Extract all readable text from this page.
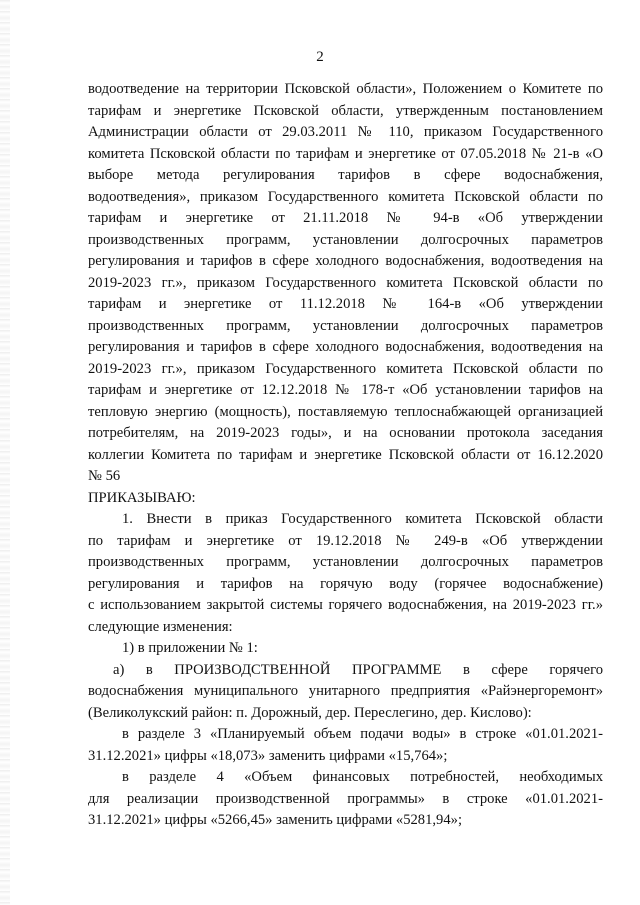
2
водоотведение на территории Псковской области», Положением о Комитете по
тарифам и энергетике Псковской области, утвержденным постановлением
Администрации области от 29.03.2011 № 110, приказом Государственного
комитета Псковской области по тарифам и энергетике от 07.05.2018 № 21-в «О
выборе метода регулирования тарифов в сфере водоснабжения,
водоотведения», приказом Государственного комитета Псковской области по
тарифам и энергетике от 21.11.2018 № 94-в «Об утверждении
производственных программ, установлении долгосрочных параметров
регулирования и тарифов в сфере холодного водоснабжения, водоотведения на
2019-2023 гг.», приказом Государственного комитета Псковской области по
тарифам и энергетике от 11.12.2018 № 164-в «Об утверждении
производственных программ, установлении долгосрочных параметров
регулирования и тарифов в сфере холодного водоснабжения, водоотведения на
2019-2023 гг.», приказом Государственного комитета Псковской области по
тарифам и энергетике от 12.12.2018 № 178-т «Об установлении тарифов на
тепловую энергию (мощность), поставляемую теплоснабжающей организацией
потребителям, на 2019-2023 годы», и на основании протокола заседания
коллегии Комитета по тарифам и энергетике Псковской области от 16.12.2020
№ 56
ПРИКАЗЫВАЮ:
1. Внести в приказ Государственного комитета Псковской области
по тарифам и энергетике от 19.12.2018 № 249-в «Об утверждении
производственных программ, установлении долгосрочных параметров
регулирования и тарифов на горячую воду (горячее водоснабжение)
с использованием закрытой системы горячего водоснабжения, на 2019-2023 гг.»
следующие изменения:
1) в приложении № 1:
а) в ПРОИЗВОДСТВЕННОЙ ПРОГРАММЕ в сфере горячего
водоснабжения муниципального унитарного предприятия «Райэнергоремонт»
(Великолукский район: п. Дорожный, дер. Переслегино, дер. Кислово):
в разделе 3 «Планируемый объем подачи воды» в строке «01.01.2021-
31.12.2021» цифры «18,073» заменить цифрами «15,764»;
в разделе 4 «Объем финансовых потребностей, необходимых
для реализации производственной программы» в строке «01.01.2021-
31.12.2021» цифры «5266,45» заменить цифрами «5281,94»;
